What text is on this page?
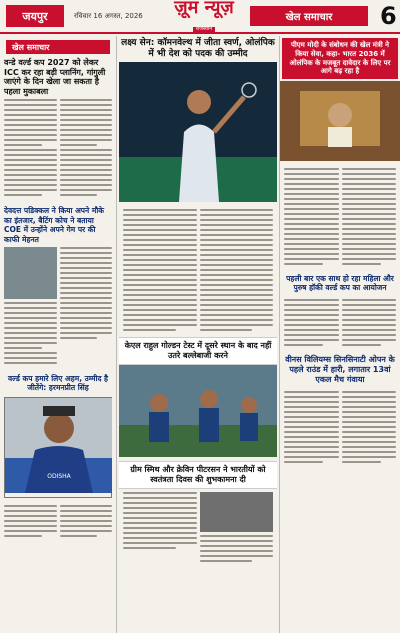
जयपुर	रविवार 16 अगस्त, 2026	ज़ूम न्यूज़
राजस्थान
खेल समाचार	6
खेल समाचार
वन्डे वर्ल्ड कप 2027 को लेकर ICC कर रहा बड़ी प्लानिंग, गांगुली जाएंगे के दिन खेला जा सकता है पहला मुकाबला
देवदत्त पडिक्कल ने किया अपने मौके का इंतजार, बैटिंग कोच ने बताया COE में उन्होंने अपने गेम पर की काफी मेहनत
वर्ल्ड कप हमारे लिए अहम, उम्मीद है जीतेंगे: हरमनप्रीत सिंह
ODISHA
लक्ष्य सेन: कॉमनवेल्थ में जीता स्वर्ण, ओलंपिक में भी देश को पदक की उम्मीद
केएल राहुल गोल्डन टेस्ट में दूसरे स्थान के बाद नहीं उतरे बल्लेबाजी करने
ग्रीम स्मिथ और क्रेविन पीटरसन ने भारतीयों को स्वतंत्रता दिवस की शुभकामना दी
पीएम मोदी के संबोधन की खेल मंत्री ने किया सेवा, कहा- भारत 2036 में ओलंपिक के मजबूत दावेदार के लिए पर आगे बढ़ रहा है
पहली बार एक साथ हो रहा महिला और पुरुष हॉकी वर्ल्ड कप का आयोजन
वीनस विलियम्स सिनसिनाटी ओपन के पहले राउंड में हारी, लगातार 13वां एकल मैच गंवाया
